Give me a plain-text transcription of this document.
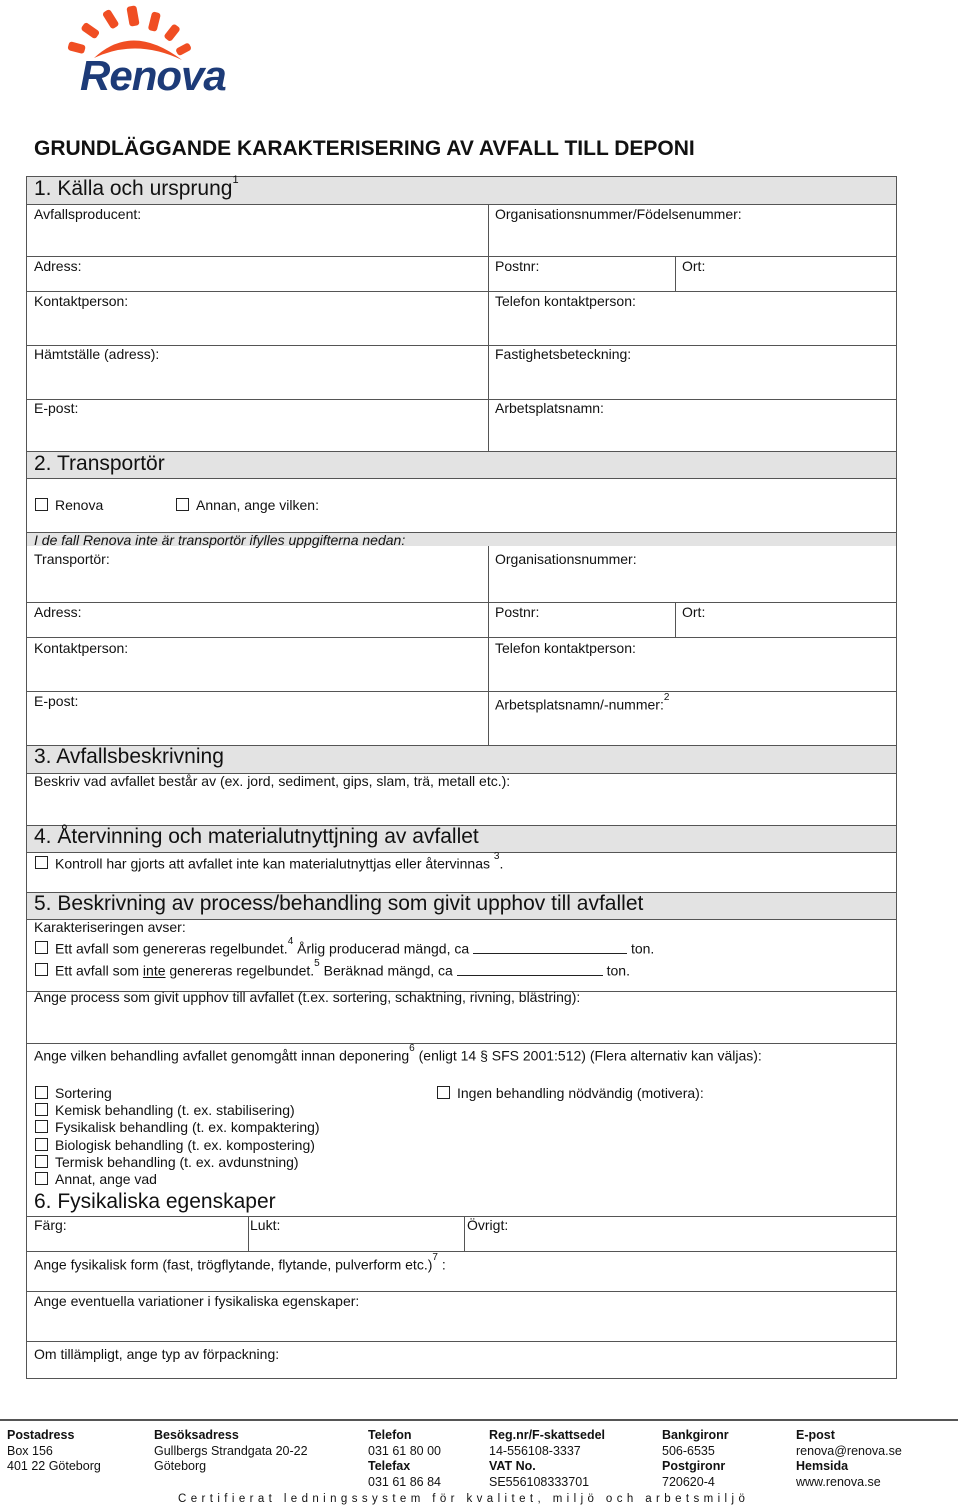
Renova
GRUNDLÄGGANDE KARAKTERISERING AV AVFALL TILL DEPONI
1. Källa och ursprung$^1$
Avfallsproducent:	Organisationsnummer/Födelsenummer:
Adress:	Postnr:	Ort:
Kontaktperson:	Telefon kontaktperson:
Hämtställe (adress):	Fastighetsbeteckning:
E-post:	Arbetsplatsnamn:
2. Transportör
Renova	Annan, ange vilken:
I de fall Renova inte är transportör ifylles uppgifterna nedan:
Transportör:	Organisationsnummer:
Adress:	Postnr:	Ort:
Kontaktperson:	Telefon kontaktperson:
E-post:	Arbetsplatsnamn/-nummer:$^2$
3. Avfallsbeskrivning
Beskriv vad avfallet består av (ex. jord, sediment, gips, slam, trä, metall etc.):
4. Återvinning och materialutnyttjning av avfallet
Kontroll har gjorts att avfallet inte kan materialutnyttjas eller återvinnas $^3$.
5. Beskrivning av process/behandling som givit upphov till avfallet
Karakteriseringen avser:
Ett avfall som genereras regelbundet.$^4$ Årlig producerad mängd, ca	ton.
Ett avfall som inte genereras regelbundet.$^5$ Beräknad mängd, ca	ton.
Ange process som givit upphov till avfallet (t.ex. sortering, schaktning, rivning, blästring):
Ange vilken behandling avfallet genomgått innan deponering$^6$ (enligt 14 § SFS 2001:512) (Flera alternativ kan väljas):
Sortering
Kemisk behandling (t. ex. stabilisering)
Fysikalisk behandling (t. ex. kompaktering)
Biologisk behandling (t. ex. kompostering)
Termisk behandling (t. ex. avdunstning)
Annat, ange vad
Ingen behandling nödvändig (motivera):
6. Fysikaliska egenskaper
Färg:	Lukt:	Övrigt:
Ange fysikalisk form (fast, trögflytande, flytande, pulverform etc.)$^7$ :
Ange eventuella variationer i fysikaliska egenskaper:
Om tillämpligt, ange typ av förpackning:
Postadress
Box 156
401 22 Göteborg
Besöksadress
Gullbergs Strandgata 20-22
Göteborg
Telefon
031 61 80 00
Telefax
031 61 86 84
Reg.nr/F-skattsedel
14-556108-3337
VAT No.
SE556108333701
Bankgironr
506-6535
Postgironr
720620-4
E-post
renova@renova.se
Hemsida
www.renova.se
Certifierat ledningssystem för kvalitet, miljö och arbetsmiljö
